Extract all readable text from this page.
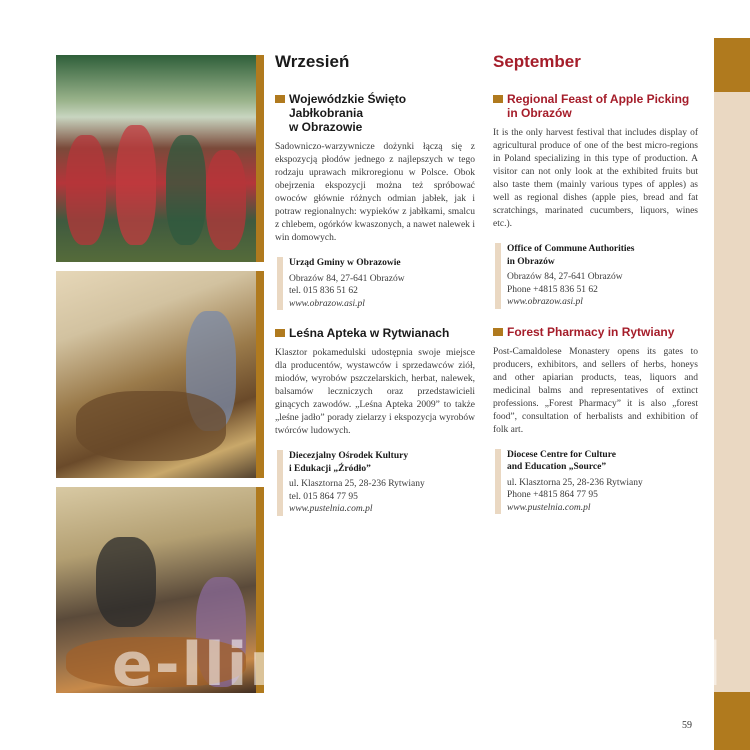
Wrzesień
Wojewódzkie Święto Jabłkobrania
w Obrazowie

Sadowniczo-warzywnicze dożynki łączą się z ekspozycją płodów jednego z najlepszych w tego rodzaju uprawach mikroregionu w Polsce. Obok obejrzenia ekspozycji można też spróbować owoców głównie różnych odmian jabłek, jak i potraw regionalnych: wypieków z jabłkami, smalcu z chlebem, ogórków kwaszonych, a nawet nalewek i win domowych.

Urząd Gminy w Obrazowie
Obrazów 84, 27-641 Obrazów
tel. 015 836 51 62
www.obrazow.asi.pl
Leśna Apteka w Rytwianach

Klasztor pokamedulski udostępnia swoje miejsce dla producentów, wystawców i sprzedawców ziół, miodów, wyrobów pszczelarskich, herbat, nalewek, balsamów leczniczych oraz przedstawicieli ginących zawodów. „Leśna Apteka 2009” to także „leśne jadło” porady zielarzy i ekspozycja wyrobów twórców ludowych.

Diecezjalny Ośrodek Kultury
i Edukacji „Źródło”
ul. Klasztorna 25, 28-236 Rytwiany
tel. 015 864 77 95
www.pustelnia.com.pl
September
Regional Feast of Apple Picking
in Obrazów

It is the only harvest festival that includes display of agricultural produce of one of the best micro-regions in Poland specializing in this type of production. A visitor can not only look at the exhibited fruits but also taste them (mainly various types of apples) as well as regional dishes (apple pies, bread and fat scratchings, marinated cucumbers, liquors, wines etc.).

Office of Commune Authorities
in Obrazów
Obrazów 84, 27-641 Obrazów
Phone +4815 836 51 62
www.obrazow.asi.pl
Forest Pharmacy in Rytwiany

Post-Camaldolese Monastery opens its gates to producers, exhibitors, and sellers of herbs, honeys and other apiarian products, teas, liquors and medicinal balms and representatives of extinct professions. „Forest Pharmacy” it is also „forest food”, consultation of herbalists and exhibition of folk art.

Diocese Centre for Culture
and Education „Source”
ul. Klasztorna 25, 28-236 Rytwiany
Phone +4815 864 77 95
www.pustelnia.com.pl
e-llinydomowe.pl
59
